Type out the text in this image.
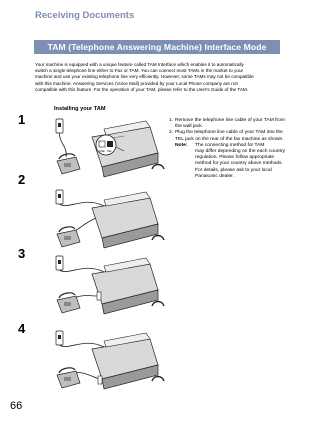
Receiving Documents
TAM (Telephone Answering Machine) Interface Mode
Your machine is equipped with a unique feature called TAM Interface which enables it to automatically
switch a single telephone line either to Fax or TAM. You can connect most TAMs in the market to your
machine and use your existing telephone line very efficiently. However, some TAMs may not be compatible
with this machine. Answering Services (Voice Mail) provided by your Local Phone company are not
compatible with this feature. For the operation of your TAM, please refer to the User's Guide of the TAM.
Installing your TAM
1
2
3
4
LINE TEL
1. Remove the telephone line cable of your TAM from the wall jack.
2. Plug the telephone line cable of your TAM into the TEL jack on the rear of the fax machine as shown.
Note:	The connecting method for TAM
may differ depending on the each country regulation. Please follow appropriate method for your country above methods. For details, please ask to your local Panasonic dealer.
66
